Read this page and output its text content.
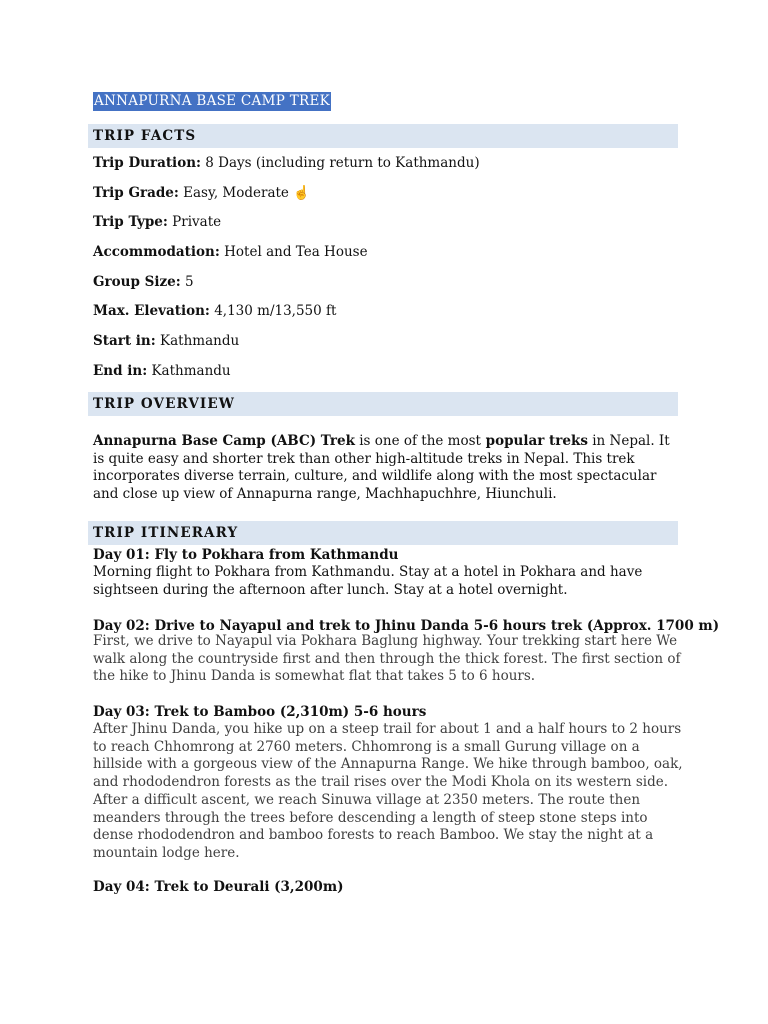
ANNAPURNA BASE CAMP TREK
TRIP FACTS
Trip Duration: 8 Days (including return to Kathmandu)
Trip Grade: Easy, Moderate ☝
Trip Type: Private
Accommodation: Hotel and Tea House
Group Size: 5
Max. Elevation: 4,130 m/13,550 ft
Start in: Kathmandu
End in: Kathmandu
TRIP OVERVIEW
Annapurna Base Camp (ABC) Trek is one of the most popular treks in Nepal. It is quite easy and shorter trek than other high-altitude treks in Nepal. This trek incorporates diverse terrain, culture, and wildlife along with the most spectacular and close up view of Annapurna range, Machhapuchhre, Hiunchuli.
TRIP ITINERARY
Day 01: Fly to Pokhara from Kathmandu
Morning flight to Pokhara from Kathmandu. Stay at a hotel in Pokhara and have sightseen during the afternoon after lunch. Stay at a hotel overnight.
Day 02: Drive to Nayapul and trek to Jhinu Danda 5-6 hours trek (Approx. 1700 m)
First, we drive to Nayapul via Pokhara Baglung highway. Your trekking start here We walk along the countryside first and then through the thick forest. The first section of the hike to Jhinu Danda is somewhat flat that takes 5 to 6 hours.
Day 03: Trek to Bamboo (2,310m) 5-6 hours
After Jhinu Danda, you hike up on a steep trail for about 1 and a half hours to 2 hours to reach Chhomrong at 2760 meters. Chhomrong is a small Gurung village on a hillside with a gorgeous view of the Annapurna Range. We hike through bamboo, oak, and rhododendron forests as the trail rises over the Modi Khola on its western side. After a difficult ascent, we reach Sinuwa village at 2350 meters. The route then meanders through the trees before descending a length of steep stone steps into dense rhododendron and bamboo forests to reach Bamboo. We stay the night at a mountain lodge here.
Day 04: Trek to Deurali (3,200m)
